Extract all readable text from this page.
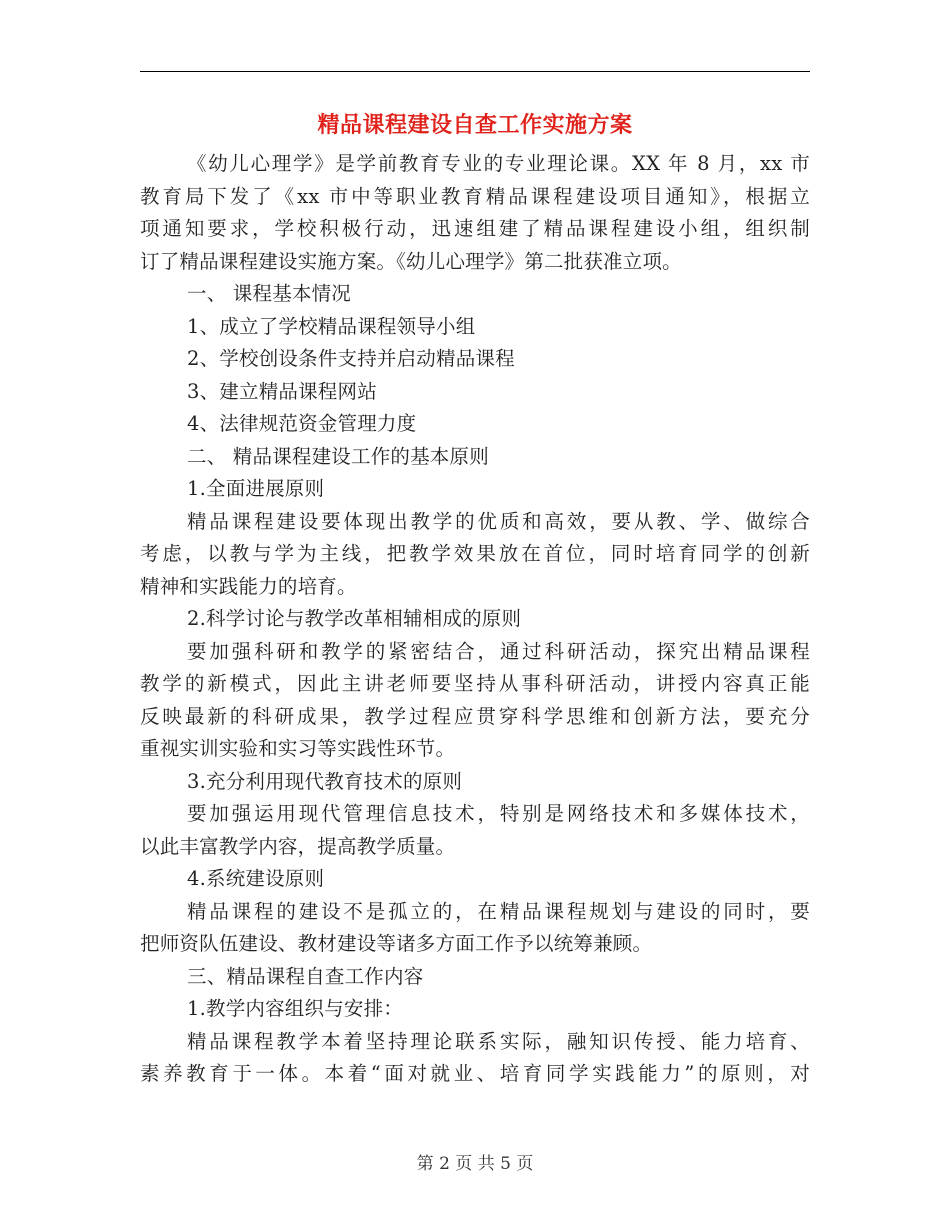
精品课程建设自查工作实施方案
《幼儿心理学》是学前教育专业的专业理论课。XX 年 8 月，xx 市
教育局下发了《xx 市中等职业教育精品课程建设项目通知》，根据立
项通知要求，学校积极行动，迅速组建了精品课程建设小组，组织制
订了精品课程建设实施方案。《幼儿心理学》第二批获准立项。
一、 课程基本情况
1、成立了学校精品课程领导小组
2、学校创设条件支持并启动精品课程
3、建立精品课程网站
4、法律规范资金管理力度
二、 精品课程建设工作的基本原则
1.全面进展原则
精品课程建设要体现出教学的优质和高效，要从教、学、做综合
考虑，以教与学为主线，把教学效果放在首位，同时培育同学的创新
精神和实践能力的培育。
2.科学讨论与教学改革相辅相成的原则
要加强科研和教学的紧密结合，通过科研活动，探究出精品课程
教学的新模式，因此主讲老师要坚持从事科研活动，讲授内容真正能
反映最新的科研成果，教学过程应贯穿科学思维和创新方法，要充分
重视实训实验和实习等实践性环节。
3.充分利用现代教育技术的原则
要加强运用现代管理信息技术，特别是网络技术和多媒体技术，
以此丰富教学内容，提高教学质量。
4.系统建设原则
精品课程的建设不是孤立的，在精品课程规划与建设的同时，要
把师资队伍建设、教材建设等诸多方面工作予以统筹兼顾。
三、精品课程自查工作内容
1.教学内容组织与安排：
精品课程教学本着坚持理论联系实际，融知识传授、能力培育、
素养教育于一体。本着“面对就业、培育同学实践能力”的原则，对
第 2 页 共 5 页
